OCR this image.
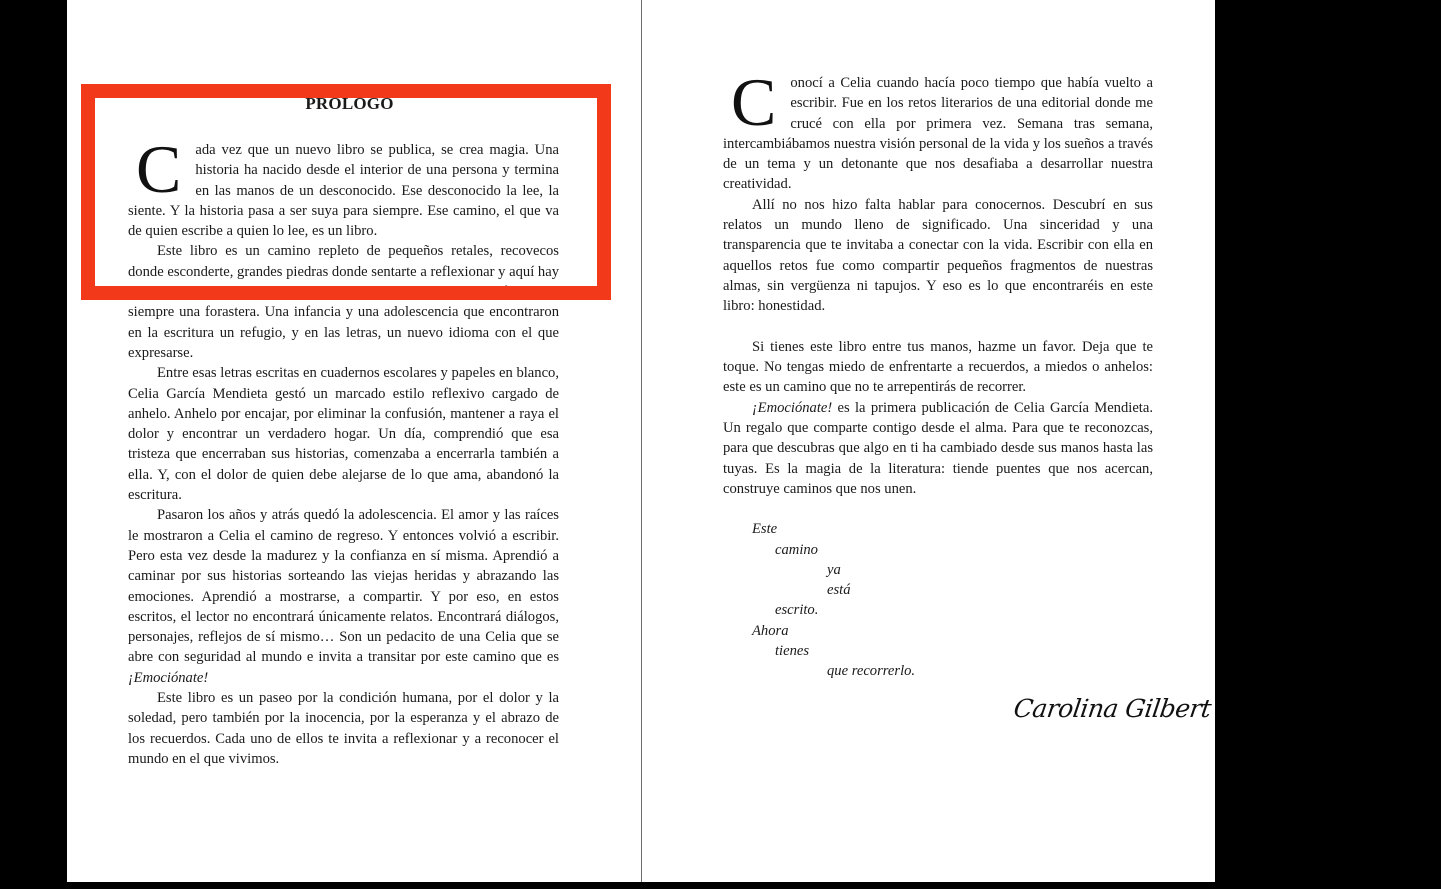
PROLOGO

Cada vez que un nuevo libro se publica, se crea magia. Una historia ha nacido desde el interior de una persona y termina en las manos de un desconocido. Ese desconocido la lee, la siente. Y la historia pasa a ser suya para siempre. Ese camino, el que va de quien escribe a quien lo lee, es un libro.

Este libro es un camino repleto de pequeños retales, recovecos donde esconderte, grandes piedras donde sentarte a reflexionar y aquí hay parte de una niñez marcada por el desarraigo, por la sensación de ser siempre una forastera. Una infancia y una adolescencia que encontraron en la escritura un refugio, y en las letras, un nuevo idioma con el que expresarse.

Entre esas letras escritas en cuadernos escolares y papeles en blanco, Celia García Mendieta gestó un marcado estilo reflexivo cargado de anhelo. Anhelo por encajar, por eliminar la confusión, mantener a raya el dolor y encontrar un verdadero hogar. Un día, comprendió que esa tristeza que encerraban sus historias, comenzaba a encerrarla también a ella. Y, con el dolor de quien debe alejarse de lo que ama, abandonó la escritura.

Pasaron los años y atrás quedó la adolescencia. El amor y las raíces le mostraron a Celia el camino de regreso. Y entonces volvió a escribir. Pero esta vez desde la madurez y la confianza en sí misma. Aprendió a caminar por sus historias sorteando las viejas heridas y abrazando las emociones. Aprendió a mostrarse, a compartir. Y por eso, en estos escritos, el lector no encontrará únicamente relatos. Encontrará diálogos, personajes, reflejos de sí mismo… Son un pedacito de una Celia que se abre con seguridad al mundo e invita a transitar por este camino que es ¡Emociónate!

Este libro es un paseo por la condición humana, por el dolor y la soledad, pero también por la inocencia, por la esperanza y el abrazo de los recuerdos. Cada uno de ellos te invita a reflexionar y a reconocer el mundo en el que vivimos.

Conocí a Celia cuando hacía poco tiempo que había vuelto a escribir. Fue en los retos literarios de una editorial donde me crucé con ella por primera vez. Semana tras semana, intercambiábamos nuestra visión personal de la vida y los sueños a través de un tema y un detonante que nos desafiaba a desarrollar nuestra creatividad.

Allí no nos hizo falta hablar para conocernos. Descubrí en sus relatos un mundo lleno de significado. Una sinceridad y una transparencia que te invitaba a conectar con la vida. Escribir con ella en aquellos retos fue como compartir pequeños fragmentos de nuestras almas, sin vergüenza ni tapujos. Y eso es lo que encontraréis en este libro: honestidad.

Si tienes este libro entre tus manos, hazme un favor. Deja que te toque. No tengas miedo de enfrentarte a recuerdos, a miedos o anhelos: este es un camino que no te arrepentirás de recorrer.

¡Emociónate! es la primera publicación de Celia García Mendieta. Un regalo que comparte contigo desde el alma. Para que te reconozcas, para que descubras que algo en ti ha cambiado desde sus manos hasta las tuyas. Es la magia de la literatura: tiende puentes que nos acercan, construye caminos que nos unen.

Este
camino
ya
está
escrito.
Ahora
tienes
que recorrerlo.
Carolina Gilbert
